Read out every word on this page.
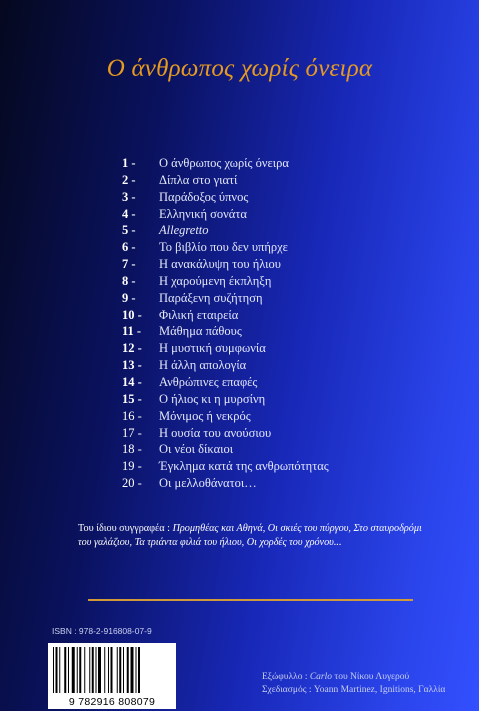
Ο άνθρωπος χωρίς όνειρα
1 - Ο άνθρωπος χωρίς όνειρα
2 - Δίπλα στο γιατί
3 - Παράδοξος ύπνος
4 - Ελληνική σονάτα
5 - Allegretto
6 - Το βιβλίο που δεν υπήρχε
7 - Η ανακάλυψη του ήλιου
8 - Η χαρούμενη έκπληξη
9 - Παράξενη συζήτηση
10 - Φιλική εταιρεία
11 - Μάθημα πάθους
12 - Η μυστική συμφωνία
13 - Η άλλη απολογία
14 - Ανθρώπινες επαφές
15 - Ο ήλιος κι η μυρσίνη
16 - Μόνιμος ή νεκρός
17 - Η ουσία του ανούσιου
18 - Οι νέοι δίκαιοι
19 - Έγκλημα κατά της ανθρωπότητας
20 - Οι μελλοθάνατοι…

Του ίδιου συγγραφέα : Προμηθέας και Αθηνά, Οι σκιές του πύργου, Στο σταυροδρόμι του γαλάζιου, Τα τριάντα φιλιά του ήλιου, Οι χορδές του χρόνου...

ISBN : 978-2-916808-07-9
9 782916 808079
Εξώφυλλο : Carlo του Νίκου Λυγερού
Σχεδιασμός : Yoann Martinez, Ignitions, Γαλλία
